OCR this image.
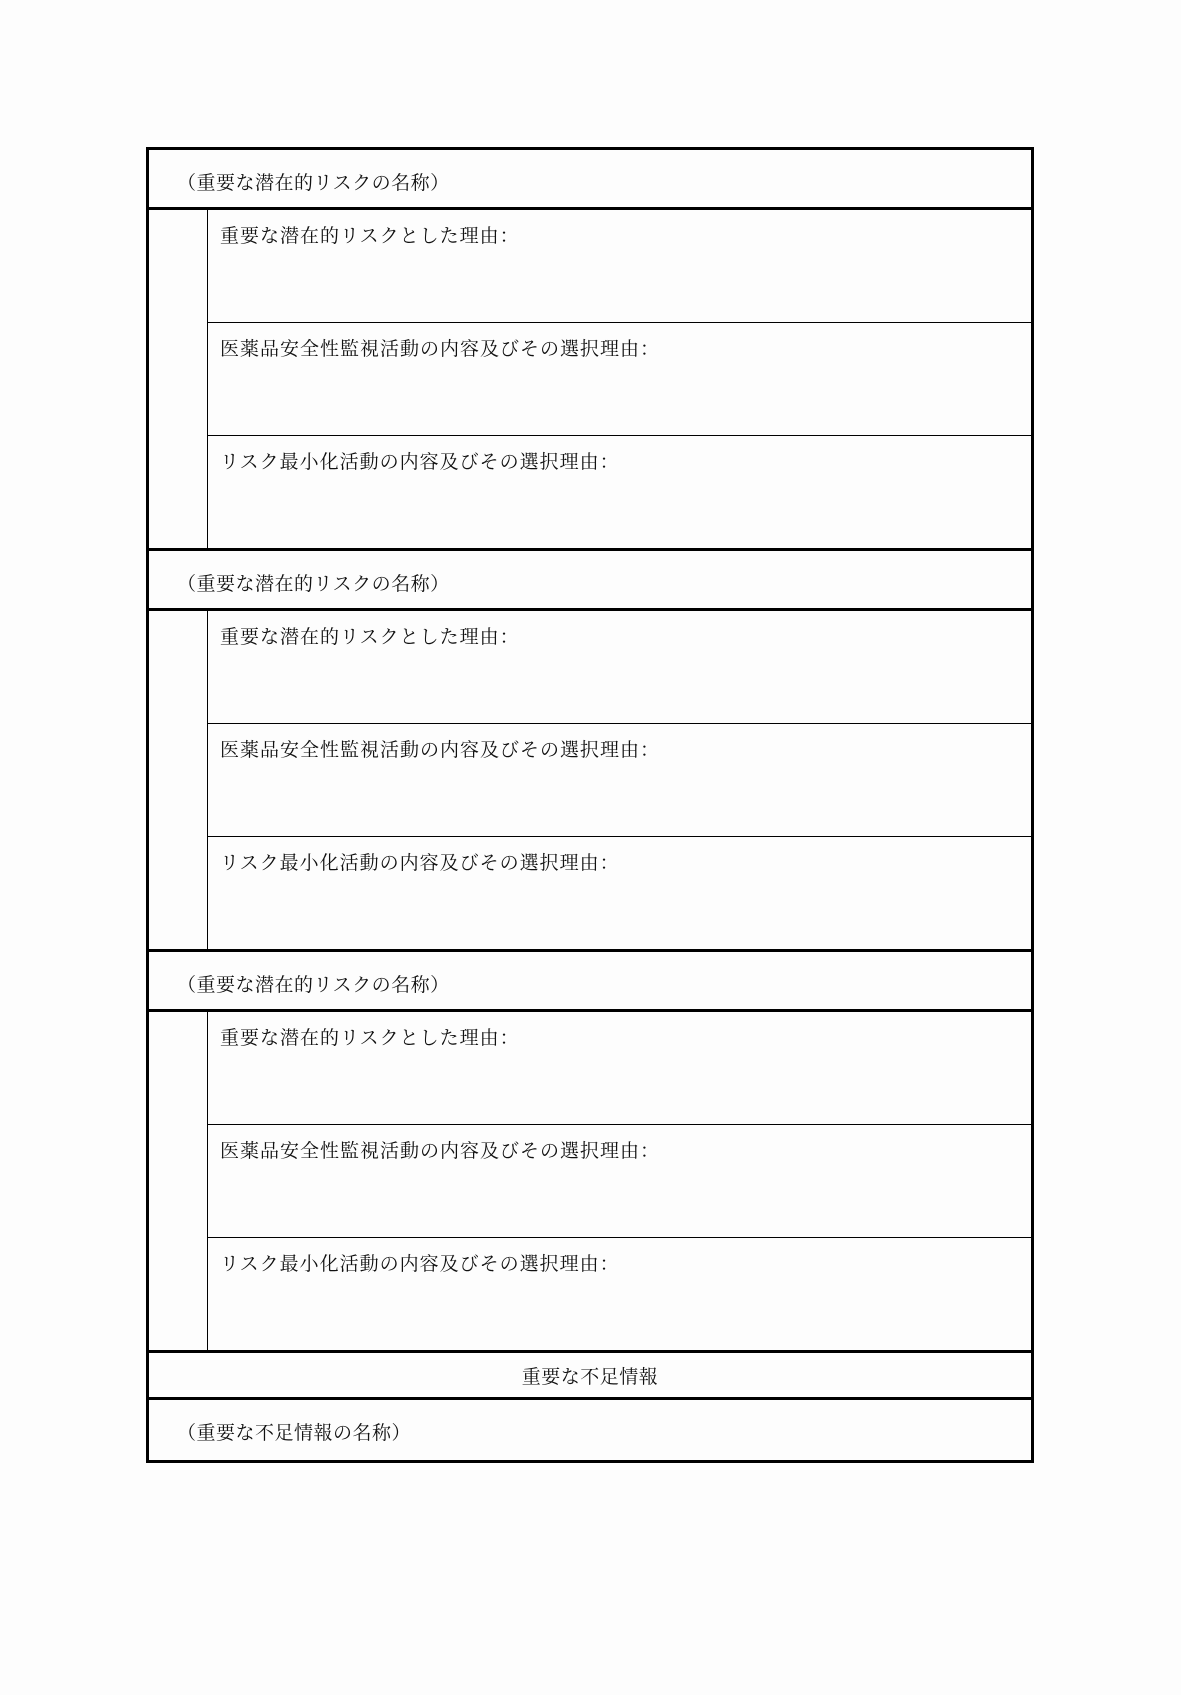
（重要な潜在的リスクの名称）
重要な潜在的リスクとした理由：
医薬品安全性監視活動の内容及びその選択理由：
リスク最小化活動の内容及びその選択理由：
（重要な潜在的リスクの名称）
重要な潜在的リスクとした理由：
医薬品安全性監視活動の内容及びその選択理由：
リスク最小化活動の内容及びその選択理由：
（重要な潜在的リスクの名称）
重要な潜在的リスクとした理由：
医薬品安全性監視活動の内容及びその選択理由：
リスク最小化活動の内容及びその選択理由：
重要な不足情報
（重要な不足情報の名称）
